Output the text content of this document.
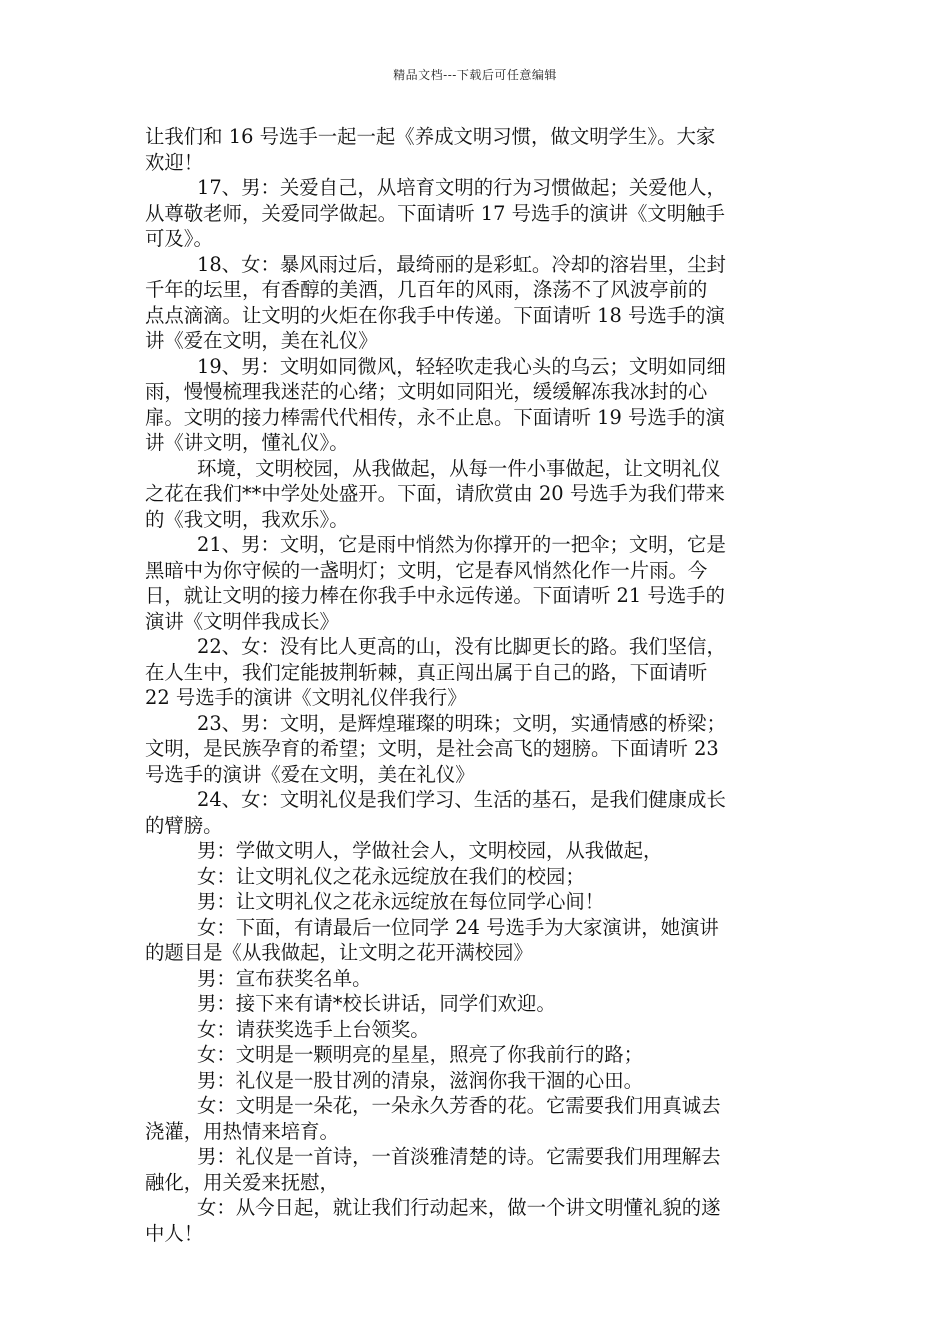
精品文档---下载后可任意编辑
让我们和 16 号选手一起一起《养成文明习惯，做文明学生》。大家
欢迎！
17、男：关爱自己，从培育文明的行为习惯做起；关爱他人，
从尊敬老师，关爱同学做起。下面请听 17 号选手的演讲《文明触手
可及》。
18、女：暴风雨过后，最绮丽的是彩虹。冷却的溶岩里，尘封
千年的坛里，有香醇的美酒，几百年的风雨，涤荡不了风波亭前的
点点滴滴。让文明的火炬在你我手中传递。下面请听 18 号选手的演
讲《爱在文明，美在礼仪》
19、男：文明如同微风，轻轻吹走我心头的乌云；文明如同细
雨，慢慢梳理我迷茫的心绪；文明如同阳光，缓缓解冻我冰封的心
扉。文明的接力棒需代代相传，永不止息。下面请听 19 号选手的演
讲《讲文明，懂礼仪》。
环境，文明校园，从我做起，从每一件小事做起，让文明礼仪
之花在我们**中学处处盛开。下面，请欣赏由 20 号选手为我们带来
的《我文明，我欢乐》。
21、男：文明，它是雨中悄然为你撑开的一把伞；文明，它是
黑暗中为你守候的一盏明灯；文明，它是春风悄然化作一片雨。今
日，就让文明的接力棒在你我手中永远传递。下面请听 21 号选手的
演讲《文明伴我成长》
22、女：没有比人更高的山，没有比脚更长的路。我们坚信，
在人生中，我们定能披荆斩棘，真正闯出属于自己的路，下面请听
22 号选手的演讲《文明礼仪伴我行》
23、男：文明，是辉煌璀璨的明珠；文明，实通情感的桥梁；
文明，是民族孕育的希望；文明，是社会高飞的翅膀。下面请听 23
号选手的演讲《爱在文明，美在礼仪》
24、女：文明礼仪是我们学习、生活的基石，是我们健康成长
的臂膀。
男：学做文明人，学做社会人，文明校园，从我做起，
女：让文明礼仪之花永远绽放在我们的校园；
男：让文明礼仪之花永远绽放在每位同学心间！
女：下面，有请最后一位同学 24 号选手为大家演讲，她演讲
的题目是《从我做起，让文明之花开满校园》
男：宣布获奖名单。
男：接下来有请*校长讲话，同学们欢迎。
女：请获奖选手上台领奖。
女：文明是一颗明亮的星星，照亮了你我前行的路；
男：礼仪是一股甘冽的清泉，滋润你我干涸的心田。
女：文明是一朵花，一朵永久芳香的花。它需要我们用真诚去
浇灌，用热情来培育。
男：礼仪是一首诗，一首淡雅清楚的诗。它需要我们用理解去
融化，用关爱来抚慰，
女：从今日起，就让我们行动起来，做一个讲文明懂礼貌的遂
中人！
